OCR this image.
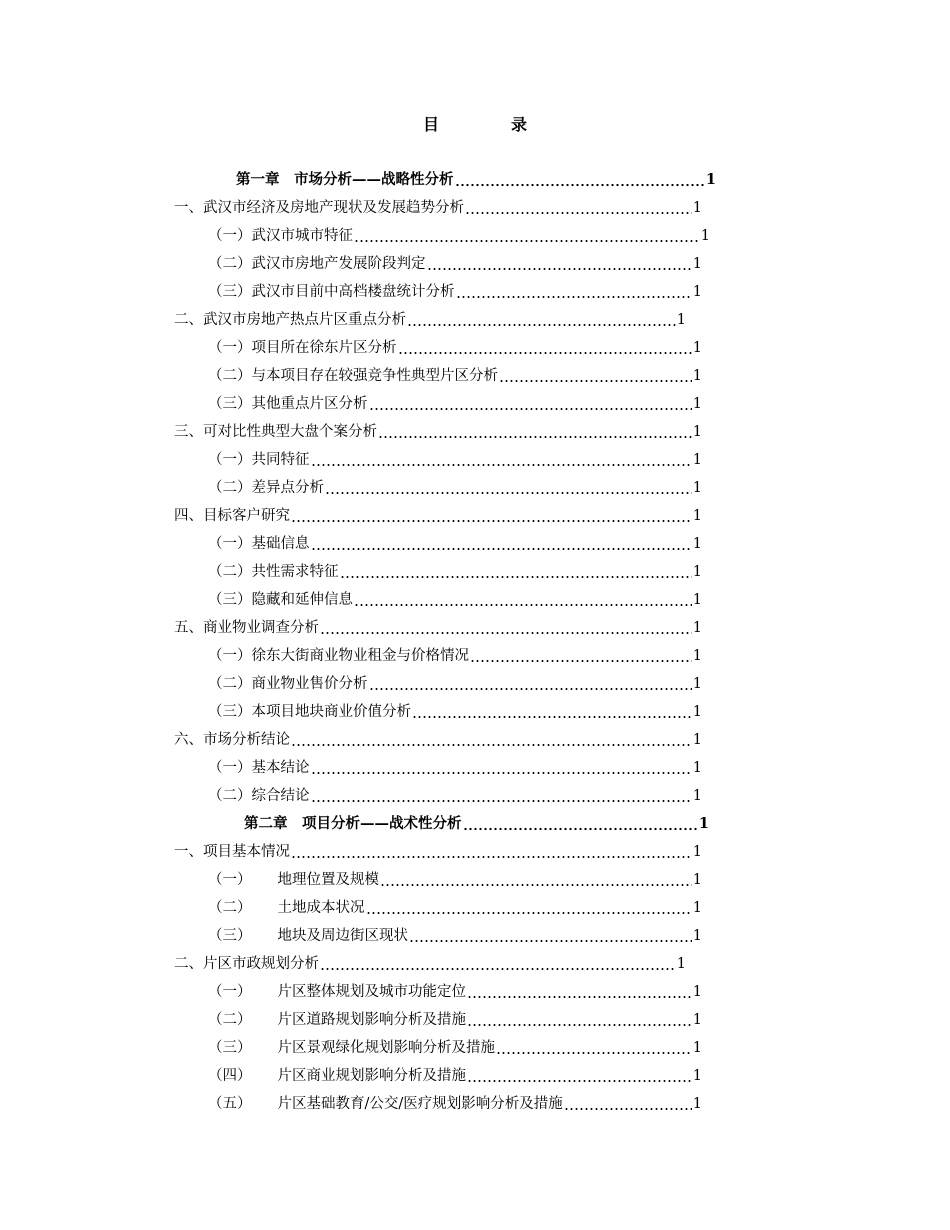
目　录
第一章　市场分析——战略性分析	1
一、武汉市经济及房地产现状及发展趋势分析	1
（一）武汉市城市特征	1
（二）武汉市房地产发展阶段判定	1
（三）武汉市目前中高档楼盘统计分析	1
二、武汉市房地产热点片区重点分析	1
（一）项目所在徐东片区分析	1
（二）与本项目存在较强竞争性典型片区分析	1
（三）其他重点片区分析	1
三、可对比性典型大盘个案分析	1
（一）共同特征	1
（二）差异点分析	1
四、目标客户研究	1
（一）基础信息	1
（二）共性需求特征	1
（三）隐藏和延伸信息	1
五、商业物业调查分析	1
（一）徐东大街商业物业租金与价格情况	1
（二）商业物业售价分析	1
（三）本项目地块商业价值分析	1
六、市场分析结论	1
（一）基本结论	1
（二）综合结论	1
第二章　项目分析——战术性分析	1
一、项目基本情况	1
（一） 地理位置及规模	1
（二） 土地成本状况	1
（三） 地块及周边街区现状	1
二、片区市政规划分析	1
（一） 片区整体规划及城市功能定位	1
（二） 片区道路规划影响分析及措施	1
（三） 片区景观绿化规划影响分析及措施	1
（四） 片区商业规划影响分析及措施	1
（五） 片区基础教育/公交/医疗规划影响分析及措施	1
